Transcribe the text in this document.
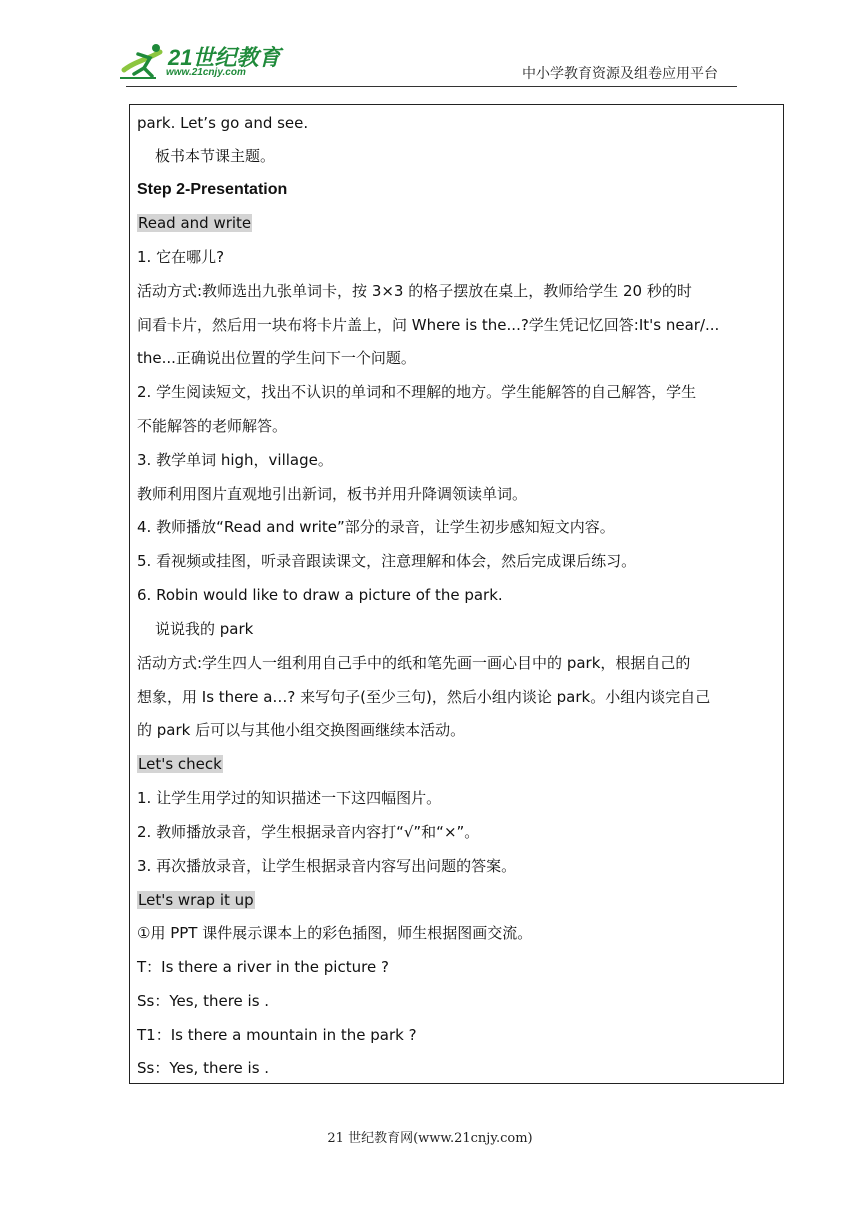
21世纪教育
www.21cnjy.com	中小学教育资源及组卷应用平台
park. Let’s go and see.
板书本节课主题。
Step 2-Presentation
Read and write
1. 它在哪儿?
活动方式:教师选出九张单词卡，按 3×3 的格子摆放在桌上，教师给学生 20 秒的时
间看卡片，然后用一块布将卡片盖上，问 Where is the...?学生凭记忆回答:It's near/...
the...正确说出位置的学生问下一个问题。
2. 学生阅读短文，找出不认识的单词和不理解的地方。学生能解答的自己解答，学生
不能解答的老师解答。
3. 教学单词 high，village。
教师利用图片直观地引出新词，板书并用升降调领读单词。
4. 教师播放“Read and write”部分的录音，让学生初步感知短文内容。
5. 看视频或挂图，听录音跟读课文，注意理解和体会，然后完成课后练习。
6. Robin would like to draw a picture of the park.
说说我的 park
活动方式:学生四人一组利用自己手中的纸和笔先画一画心目中的 park，根据自己的
想象，用 Is there a…? 来写句子(至少三句)，然后小组内谈论 park。小组内谈完自己
的 park 后可以与其他小组交换图画继续本活动。
Let's check
1. 让学生用学过的知识描述一下这四幅图片。
2. 教师播放录音，学生根据录音内容打“√”和“×”。
3. 再次播放录音，让学生根据录音内容写出问题的答案。
Let's wrap it up
①用 PPT 课件展示课本上的彩色插图，师生根据图画交流。
T：Is there a river in the picture ?
Ss：Yes, there is .
T1：Is there a mountain in the park ?
Ss：Yes, there is .
21 世纪教育网(www.21cnjy.com)
